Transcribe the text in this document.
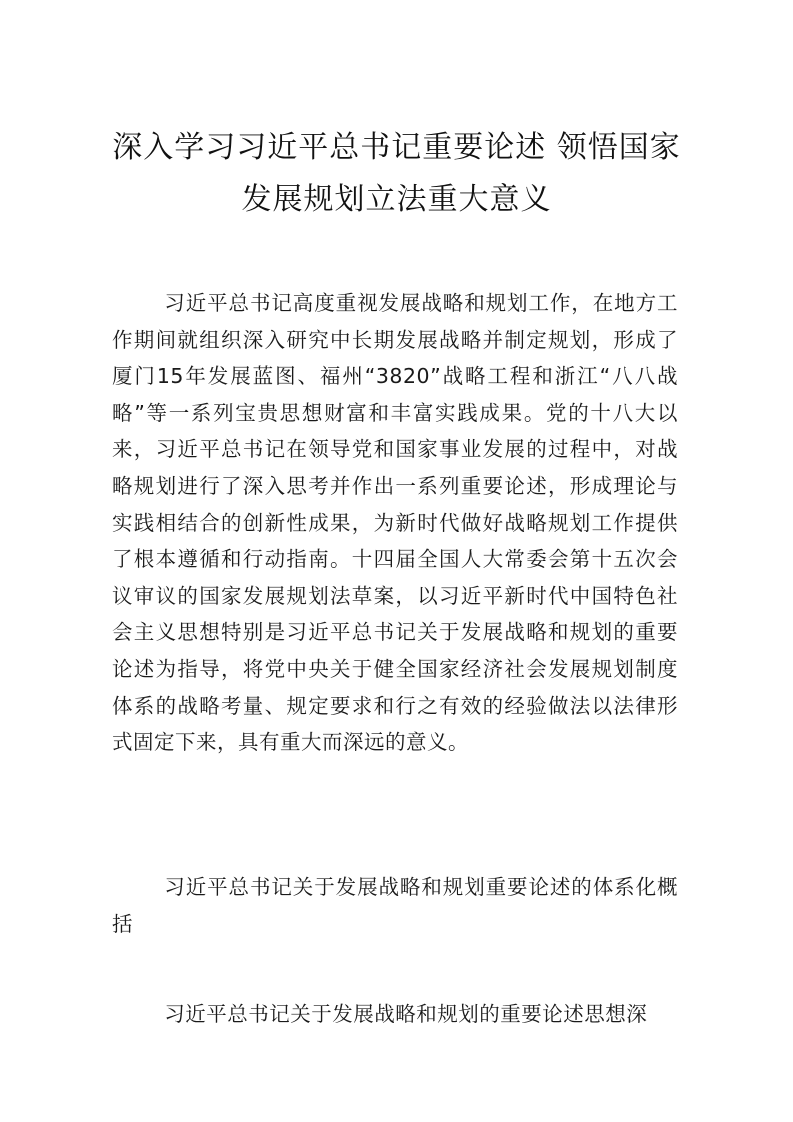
深入学习习近平总书记重要论述 领悟国家
发展规划立法重大意义

习近平总书记高度重视发展战略和规划工作，在地方工作期间就组织深入研究中长期发展战略并制定规划，形成了厦门15年发展蓝图、福州“3820”战略工程和浙江“八八战略”等一系列宝贵思想财富和丰富实践成果。党的十八大以来，习近平总书记在领导党和国家事业发展的过程中，对战略规划进行了深入思考并作出一系列重要论述，形成理论与实践相结合的创新性成果，为新时代做好战略规划工作提供了根本遵循和行动指南。十四届全国人大常委会第十五次会议审议的国家发展规划法草案，以习近平新时代中国特色社会主义思想特别是习近平总书记关于发展战略和规划的重要论述为指导，将党中央关于健全国家经济社会发展规划制度体系的战略考量、规定要求和行之有效的经验做法以法律形式固定下来，具有重大而深远的意义。

习近平总书记关于发展战略和规划重要论述的体系化概括

习近平总书记关于发展战略和规划的重要论述思想深
